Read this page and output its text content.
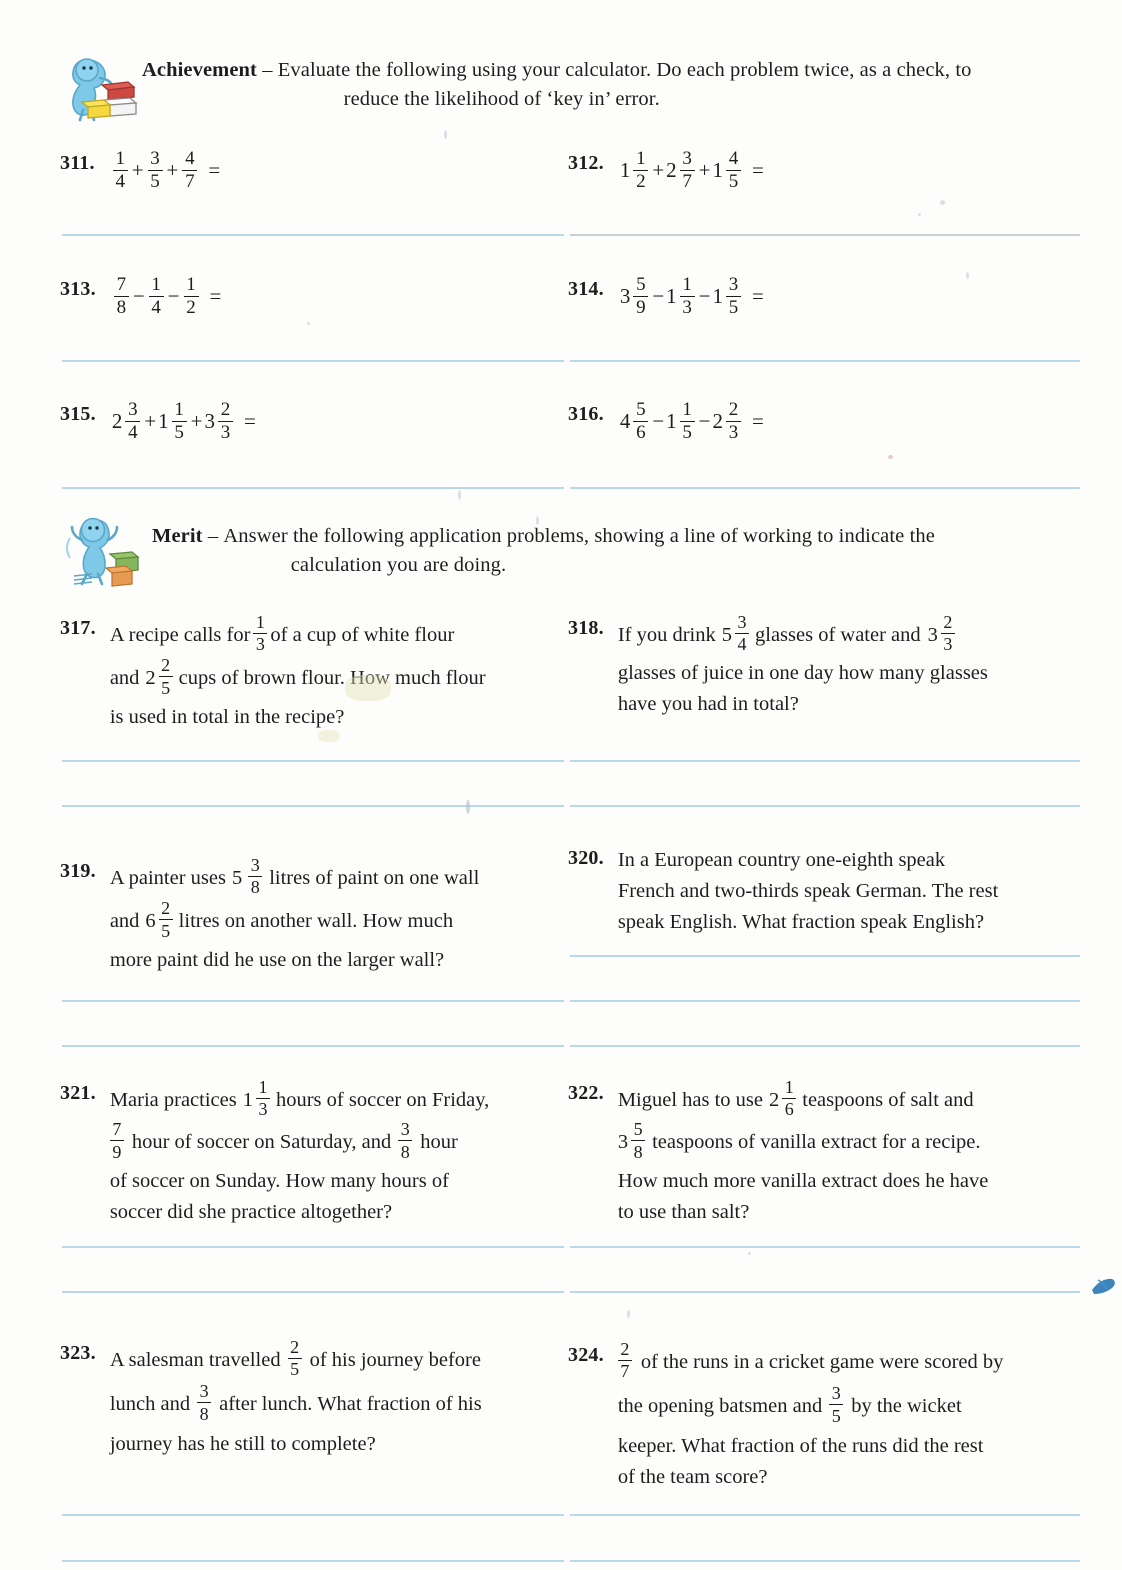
Achievement – Evaluate the following using your calculator. Do each problem twice, as a check, to
reduce the likelihood of ‘key in’ error.
311. $\frac{1}{4} + \frac{3}{5} + \frac{4}{7}$ =	312. $1 \frac{1}{2} + 2 \frac{3}{7} + 1 \frac{4}{5}$ =
313. $\frac{7}{8} - \frac{1}{4} - \frac{1}{2}$ =	314. $3 \frac{5}{9} - 1 \frac{1}{3} - 1 \frac{3}{5}$ =
315. $2 \frac{3}{4} + 1 \frac{1}{5} + 3 \frac{2}{3}$ =	316. $4 \frac{5}{6} - 1 \frac{1}{5} - 2 \frac{2}{3}$ =
Merit – Answer the following application problems, showing a line of working to indicate the
calculation you are doing.
317. A recipe calls for $\frac{1}{3}$ of a cup of white flour
and $2 \frac{2}{5}$ cups of brown flour. How much flour
is used in total in the recipe?
318. If you drink $5 \frac{3}{4}$ glasses of water and $3 \frac{2}{3}$
glasses of juice in one day how many glasses
have you had in total?
319. A painter uses $5 \frac{3}{8}$ litres of paint on one wall
and $6 \frac{2}{5}$ litres on another wall. How much
more paint did he use on the larger wall?
320. In a European country one-eighth speak
French and two-thirds speak German. The rest
speak English. What fraction speak English?
321. Maria practices $1 \frac{1}{3}$ hours of soccer on Friday,
$\frac{7}{9}$ hour of soccer on Saturday, and $\frac{3}{8}$ hour
of soccer on Sunday. How many hours of
soccer did she practice altogether?
322. Miguel has to use $2 \frac{1}{6}$ teaspoons of salt and
$3 \frac{5}{8}$ teaspoons of vanilla extract for a recipe.
How much more vanilla extract does he have
to use than salt?
323. A salesman travelled $\frac{2}{5}$ of his journey before
lunch and $\frac{3}{8}$ after lunch. What fraction of his
journey has he still to complete?
324. $\frac{2}{7}$ of the runs in a cricket game were scored by
the opening batsmen and $\frac{3}{5}$ by the wicket
keeper. What fraction of the runs did the rest
of the team score?
